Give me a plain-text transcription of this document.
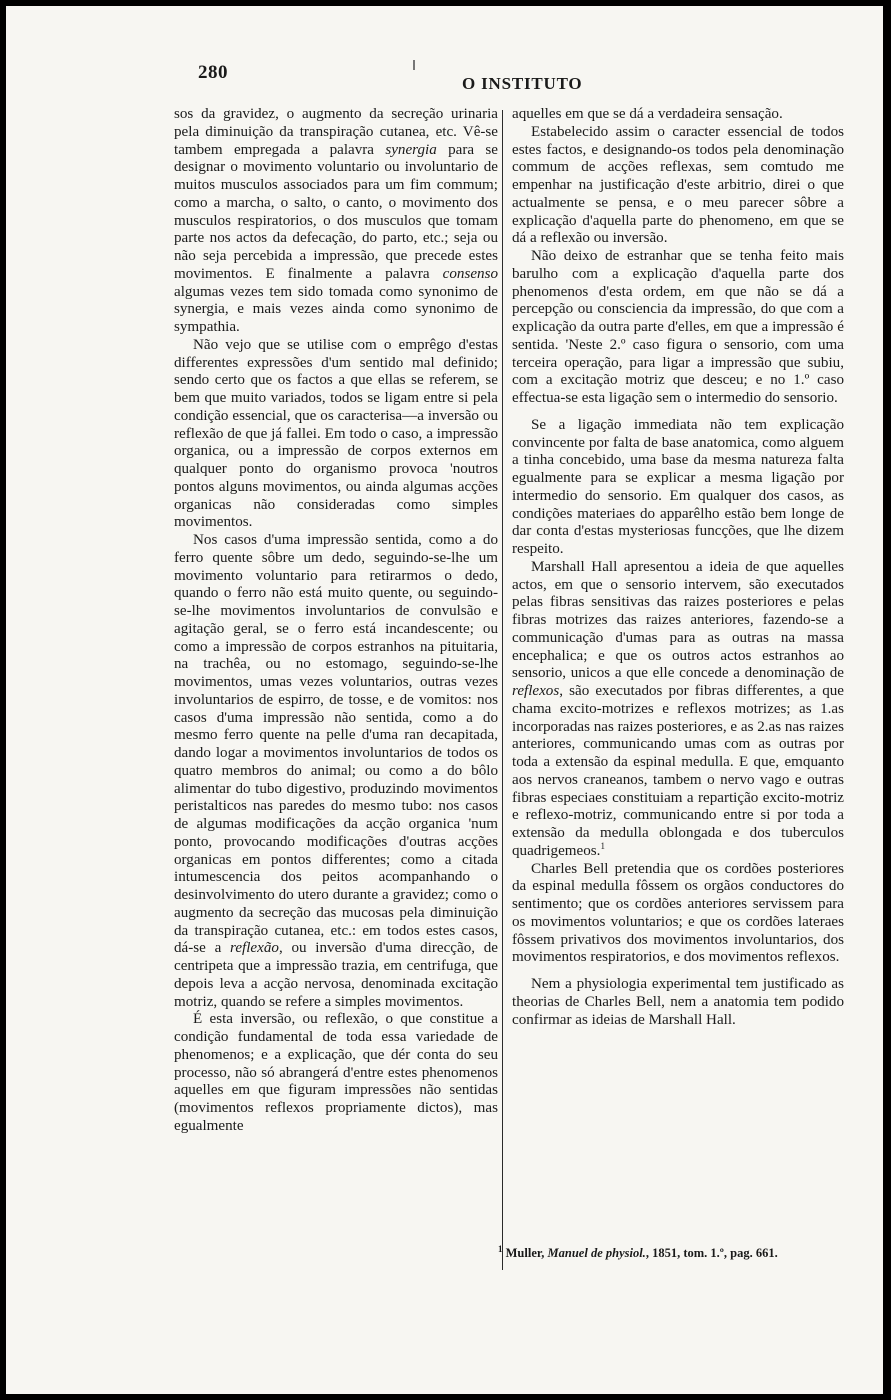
280
O INSTITUTO

sos da gravidez, o augmento da secreção urinaria pela diminuição da transpiração cutanea, etc. Vê-se tambem empregada a palavra synergia para se designar o movimento voluntario ou involuntario de muitos musculos associados para um fim commum; como a marcha, o salto, o canto, o movimento dos musculos respiratorios, o dos musculos que tomam parte nos actos da defecação, do parto, etc.; seja ou não seja percebida a impressão, que precede estes movimentos. E finalmente a palavra consenso algumas vezes tem sido tomada como synonimo de synergia, e mais vezes ainda como synonimo de sympathia.

Não vejo que se utilise com o emprêgo d'estas differentes expressões d'um sentido mal definido; sendo certo que os factos a que ellas se referem, se bem que muito variados, todos se ligam entre si pela condição essencial, que os caracterisa—a inversão ou reflexão de que já fallei. Em todo o caso, a impressão organica, ou a impressão de corpos externos em qualquer ponto do organismo provoca 'noutros pontos alguns movimentos, ou ainda algumas acções organicas não consideradas como simples movimentos.

Nos casos d'uma impressão sentida, como a do ferro quente sôbre um dedo, seguindo-se-lhe um movimento voluntario para retirarmos o dedo, quando o ferro não está muito quente, ou seguindo-se-lhe movimentos involuntarios de convulsão e agitação geral, se o ferro está incandescente; ou como a impressão de corpos estranhos na pituitaria, na trachêa, ou no estomago, seguindo-se-lhe movimentos, umas vezes voluntarios, outras vezes involuntarios de espirro, de tosse, e de vomitos: nos casos d'uma impressão não sentida, como a do mesmo ferro quente na pelle d'uma ran decapitada, dando logar a movimentos involuntarios de todos os quatro membros do animal; ou como a do bôlo alimentar do tubo digestivo, produzindo movimentos peristalticos nas paredes do mesmo tubo: nos casos de algumas modificações da acção organica 'num ponto, provocando modificações d'outras acções organicas em pontos differentes; como a citada intumescencia dos peitos acompanhando o desinvolvimento do utero durante a gravidez; como o augmento da secreção das mucosas pela diminuição da transpiração cutanea, etc.: em todos estes casos, dá-se a reflexão, ou inversão d'uma direcção, de centripeta que a impressão trazia, em centrifuga, que depois leva a acção nervosa, denominada excitação motriz, quando se refere a simples movimentos.

É esta inversão, ou reflexão, o que constitue a condição fundamental de toda essa variedade de phenomenos; e a explicação, que dér conta do seu processo, não só abrangerá d'entre estes phenomenos aquelles em que figuram impressões não sentidas (movimentos reflexos propriamente dictos), mas egualmente

aquelles em que se dá a verdadeira sensação.

Estabelecido assim o caracter essencial de todos estes factos, e designando-os todos pela denominação commum de acções reflexas, sem comtudo me empenhar na justificação d'este arbitrio, direi o que actualmente se pensa, e o meu parecer sôbre a explicação d'aquella parte do phenomeno, em que se dá a reflexão ou inversão.

Não deixo de estranhar que se tenha feito mais barulho com a explicação d'aquella parte dos phenomenos d'esta ordem, em que não se dá a percepção ou consciencia da impressão, do que com a explicação da outra parte d'elles, em que a impressão é sentida. 'Neste 2.º caso figura o sensorio, com uma terceira operação, para ligar a impressão que subiu, com a excitação motriz que desceu; e no 1.º caso effectua-se esta ligação sem o intermedio do sensorio.

Se a ligação immediata não tem explicação convincente por falta de base anatomica, como alguem a tinha concebido, uma base da mesma natureza falta egualmente para se explicar a mesma ligação por intermedio do sensorio. Em qualquer dos casos, as condições materiaes do apparêlho estão bem longe de dar conta d'estas mysteriosas funcções, que lhe dizem respeito.

Marshall Hall apresentou a ideia de que aquelles actos, em que o sensorio intervem, são executados pelas fibras sensitivas das raizes posteriores e pelas fibras motrizes das raizes anteriores, fazendo-se a communicação d'umas para as outras na massa encephalica; e que os outros actos estranhos ao sensorio, unicos a que elle concede a denominação de reflexos, são executados por fibras differentes, a que chama excito-motrizes e reflexos motrizes; as 1.as incorporadas nas raizes posteriores, e as 2.as nas raizes anteriores, communicando umas com as outras por toda a extensão da espinal medulla. E que, emquanto aos nervos craneanos, tambem o nervo vago e outras fibras especiaes constituiam a repartição excito-motriz e reflexo-motriz, communicando entre si por toda a extensão da medulla oblongada e dos tuberculos quadrigemeos.$^1$

Charles Bell pretendia que os cordões posteriores da espinal medulla fôssem os orgãos conductores do sentimento; que os cordões anteriores servissem para os movimentos voluntarios; e que os cordões lateraes fôssem privativos dos movimentos involuntarios, dos movimentos respiratorios, e dos movimentos reflexos.

Nem a physiologia experimental tem justificado as theorias de Charles Bell, nem a anatomia tem podido confirmar as ideias de Marshall Hall.

$^1$ Muller, Manuel de physiol., 1851, tom. 1.º, pag. 661.
